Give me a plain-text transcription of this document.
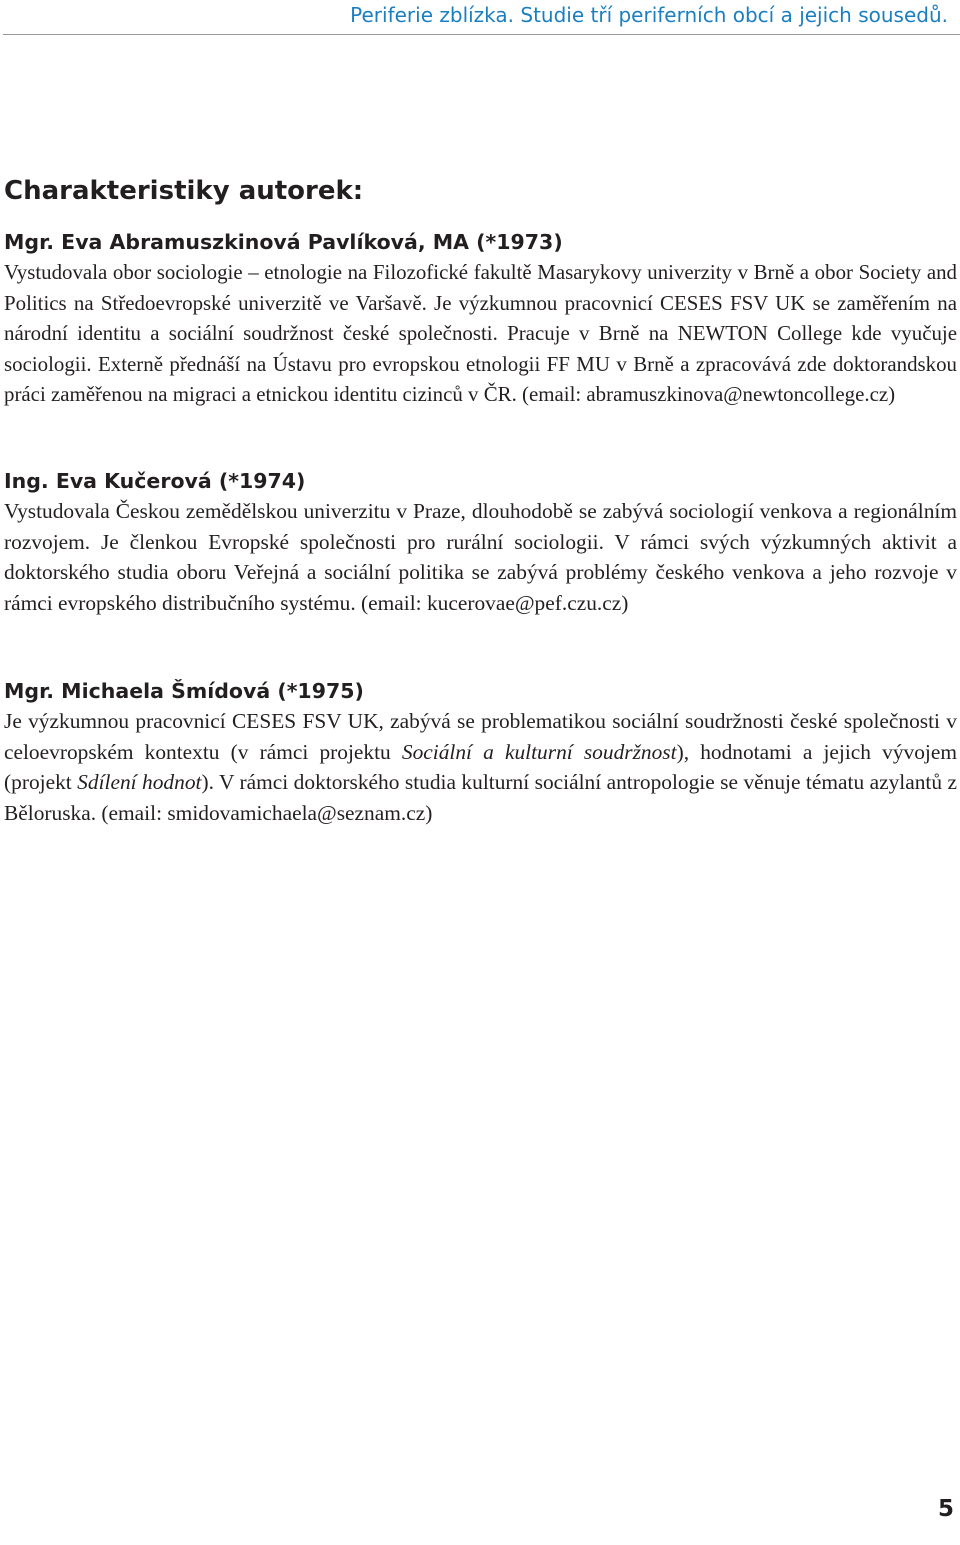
Periferie zblízka. Studie tří periferních obcí a jejich sousedů.
Charakteristiky autorek:

Mgr. Eva Abramuszkinová Pavlíková, MA (*1973)

Vystudovala obor sociologie – etnologie na Filozofické fakultě Masarykovy univerzity v Brně a obor Society and Politics na Středoevropské univerzitě ve Varšavě. Je výzkumnou pracovnicí CESES FSV UK se zaměřením na národní identitu a sociální soudržnost české společnosti. Pracuje v Brně na NEWTON College kde vyučuje sociologii. Externě přednáší na Ústavu pro evropskou etnologii FF MU v Brně a zpracovává zde doktorandskou práci zaměřenou na migraci a etnickou identitu cizinců v ČR. (email: abramuszkinova@newtoncollege.cz)

Ing. Eva Kučerová (*1974)

Vystudovala Českou zemědělskou univerzitu v Praze, dlouhodobě se zabývá sociologií venkova a regionálním rozvojem. Je členkou Evropské společnosti pro rurální sociologii. V rámci svých výzkumných aktivit a doktorského studia oboru Veřejná a sociální politika se zabývá problémy českého venkova a jeho rozvoje v rámci evropského distribučního systému. (email: kucerovae@pef.czu.cz)

Mgr. Michaela Šmídová (*1975)

Je výzkumnou pracovnicí CESES FSV UK, zabývá se problematikou sociální soudržnosti české společnosti v celoevropském kontextu (v rámci projektu Sociální a kulturní soudržnost), hodnotami a jejich vývojem (projekt Sdílení hodnot). V rámci doktorského studia kulturní sociální antropologie se věnuje tématu azylantů z Běloruska. (email: smidovamichaela@seznam.cz)

5
